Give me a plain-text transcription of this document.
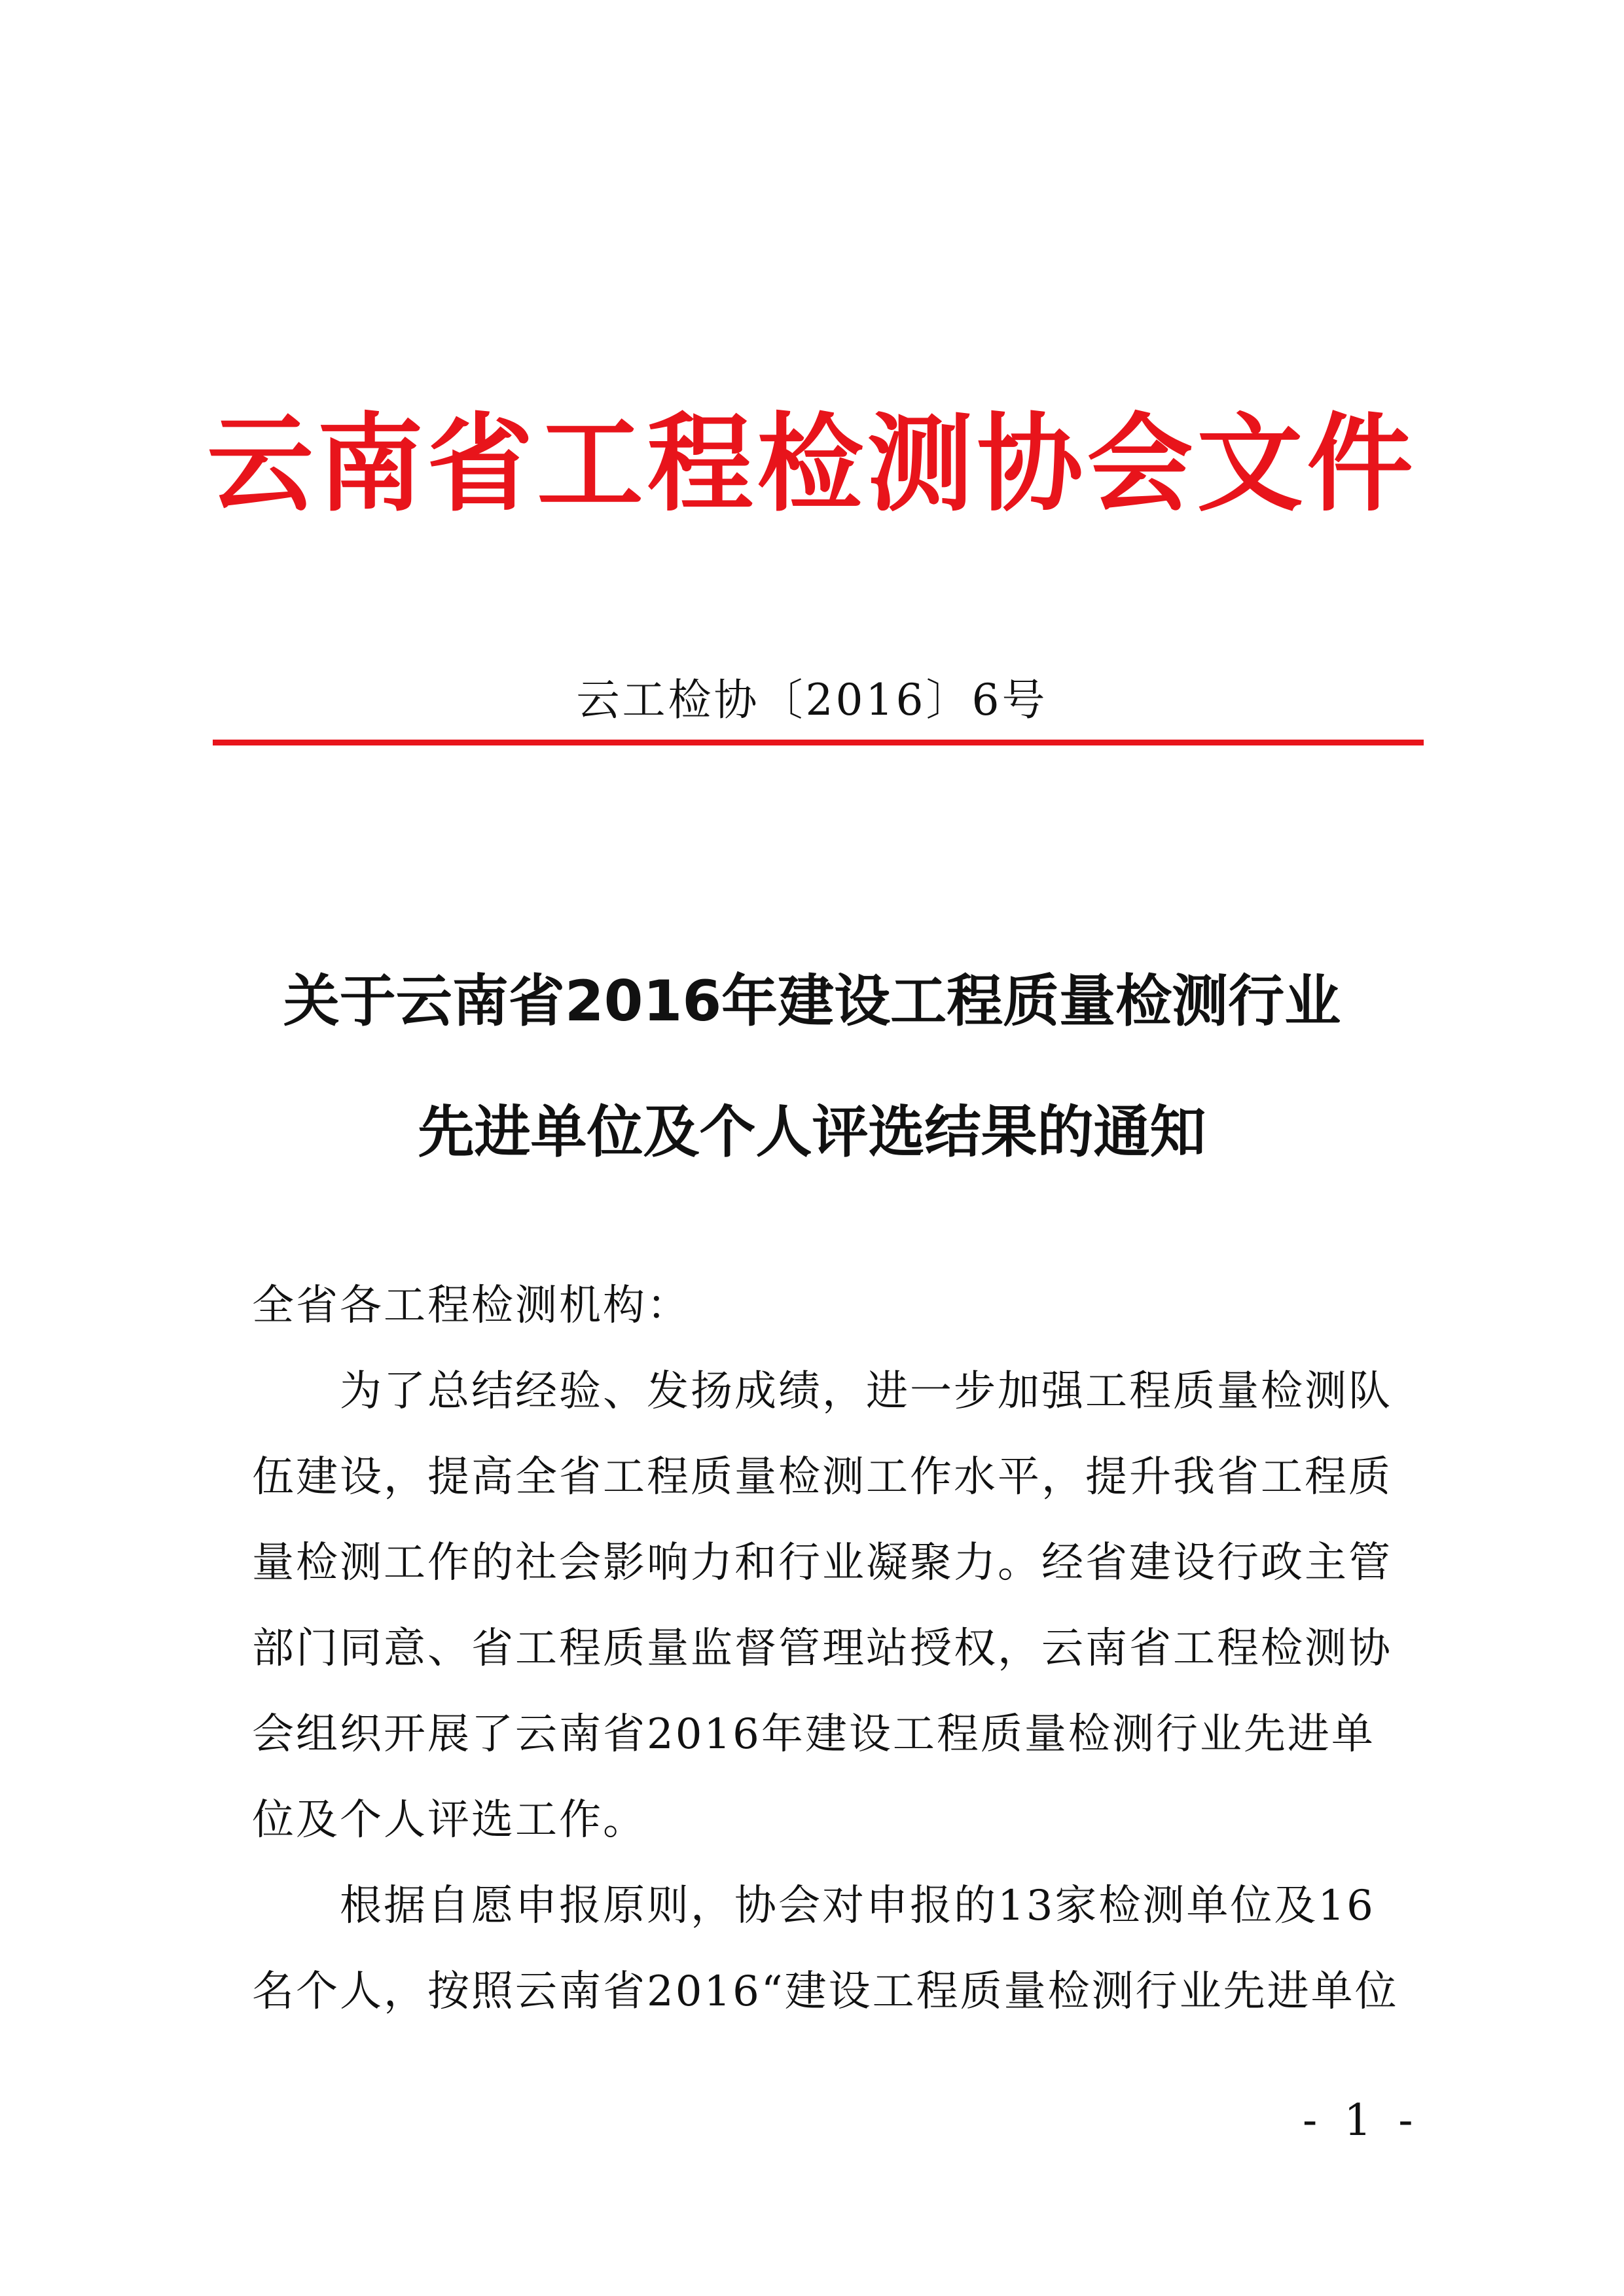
云南省工程检测协会文件
云工检协〔2016〕6号
关于云南省2016年建设工程质量检测行业
先进单位及个人评选结果的通知
全省各工程检测机构：
　　为了总结经验、发扬成绩，进一步加强工程质量检测队
伍建设，提高全省工程质量检测工作水平，提升我省工程质
量检测工作的社会影响力和行业凝聚力。经省建设行政主管
部门同意、省工程质量监督管理站授权，云南省工程检测协
会组织开展了云南省2016年建设工程质量检测行业先进单
位及个人评选工作。
　　根据自愿申报原则，协会对申报的13家检测单位及16
名个人，按照云南省2016“建设工程质量检测行业先进单位
- 1 -
